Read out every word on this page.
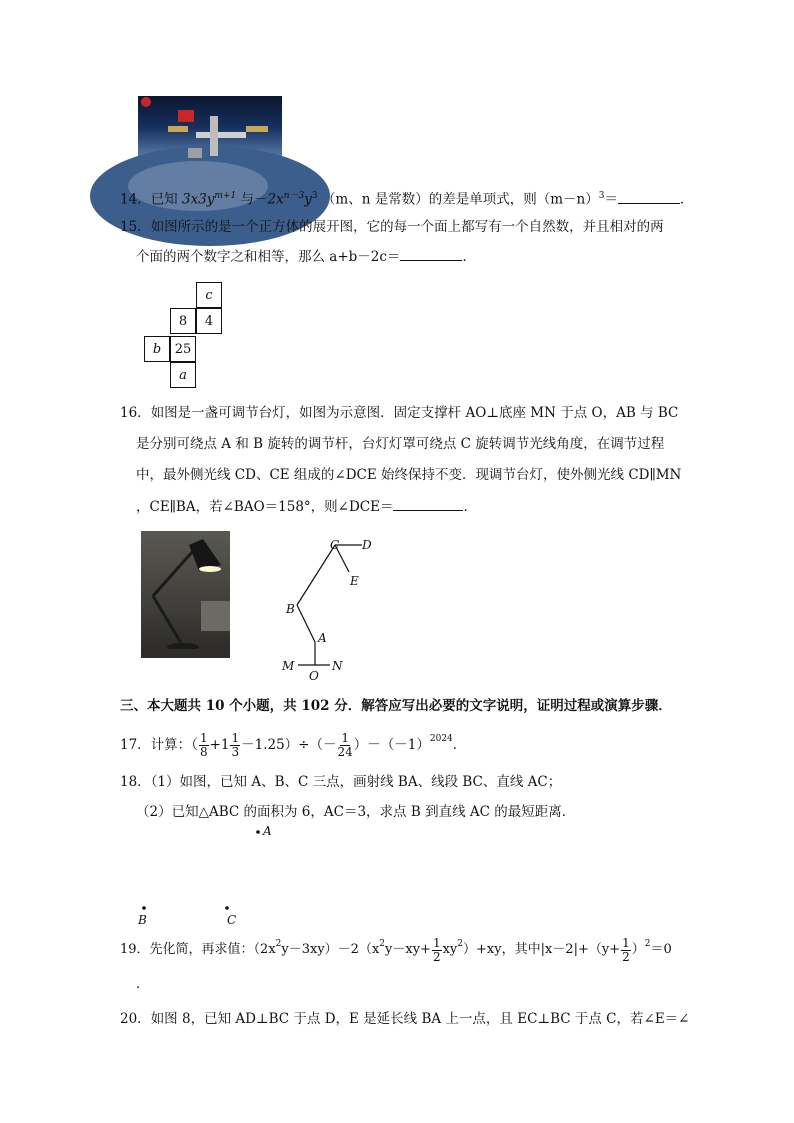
14．已知 $3x3y^{m+1}$ 与$-2x^{n-3}y^3$ （m、n 是常数）的差是单项式，则$(m-n)^3=$	．
15．如图所示的是一个正方体的展开图，它的每一个面上都写有一个自然数，并且相对的两
个面的两个数字之和相等，那么 a+b－2c＝	．
c
8 4
b 25
a
16．如图是一盏可调节台灯，如图为示意图．固定支撑杆 AO⊥底座 MN 于点 O，AB 与 BC
是分别可绕点 A 和 B 旋转的调节杆，台灯灯罩可绕点 C 旋转调节光线角度，在调节过程
中，最外侧光线 CD、CE 组成的∠DCE 始终保持不变．现调节台灯，使外侧光线 CD∥MN
，CE∥BA，若∠BAO＝158°，则∠DCE＝	．
C D
E
B
A
M
O
N
三、本大题共 10 个小题，共 102 分．解答应写出必要的文字说明，证明过程或演算步骤．
17． 计算：（ $\frac{1}{8} +1 \frac{1}{3} -1.25)\div(- \frac{1}{24} )-(-1)^{2024}$ ．
18．（1）如图，已知 A、B、C 三点，画射线 BA、线段 BC、直线 AC；
（2）已知△ABC 的面积为 6，AC＝3，求点 B 到直线 AC 的最短距离．
A
B	C
19． 先化简，再求值：（$2x^2$ $y-3xy)-2(x^2$ $y-xy+ \frac{1}{2} xy^2$ ）+xy，其中$|x-2|+(y+ \frac{1}{2} )^2 =0$
．
20．如图 8，已知 AD⊥BC 于点 D，E 是延长线 BA 上一点，且 EC⊥BC 于点 C，若∠E＝∠
